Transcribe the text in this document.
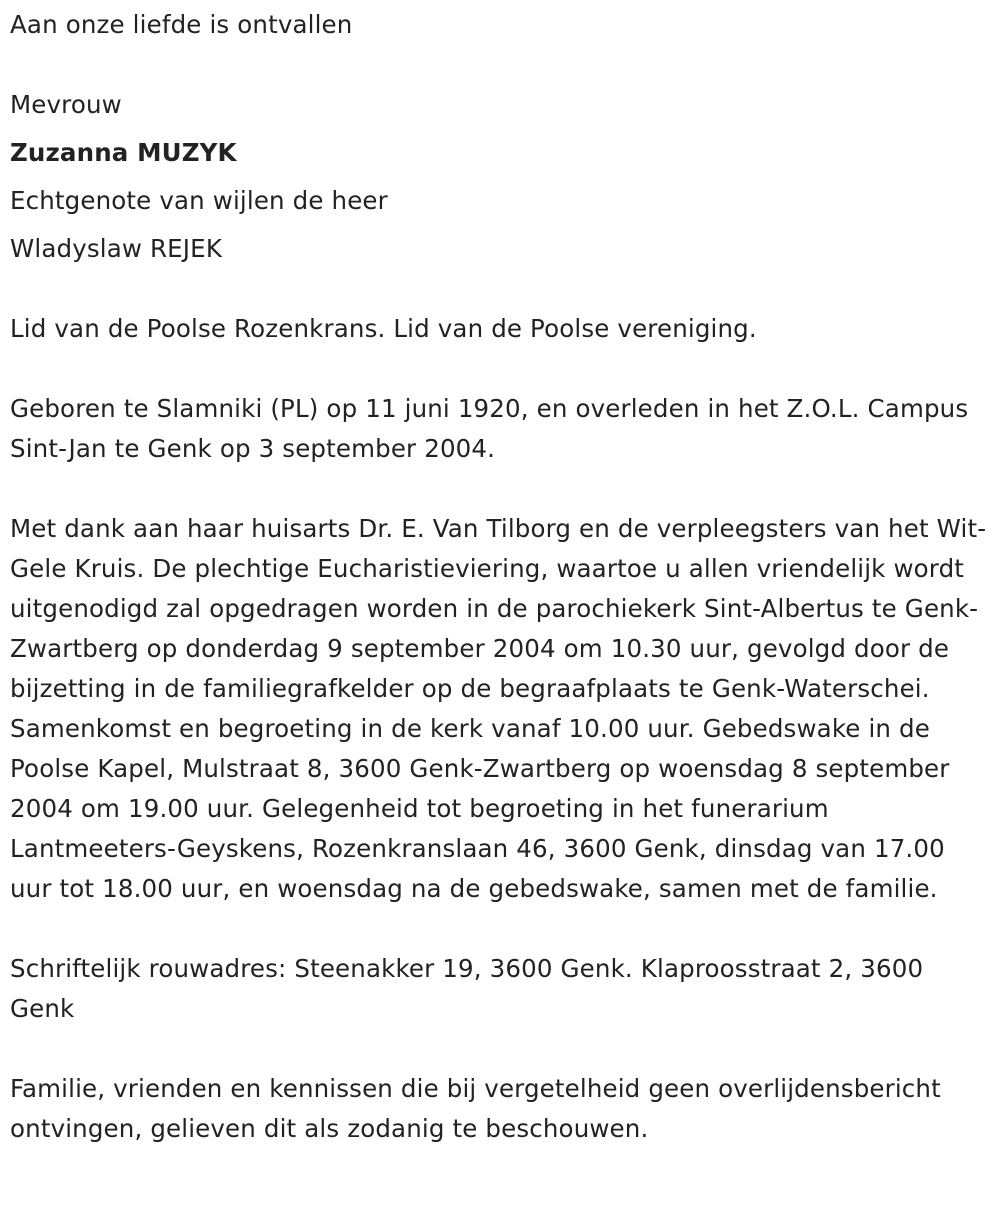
Aan onze liefde is ontvallen

Mevrouw

Zuzanna MUZYK

Echtgenote van wijlen de heer

Wladyslaw REJEK

Lid van de Poolse Rozenkrans. Lid van de Poolse vereniging.

Geboren te Slamniki (PL) op 11 juni 1920, en overleden in het Z.O.L. Campus Sint-Jan te Genk op 3 september 2004.

Met dank aan haar huisarts Dr. E. Van Tilborg en de verpleegsters van het Wit-Gele Kruis. De plechtige Eucharistieviering, waartoe u allen vriendelijk wordt uitgenodigd zal opgedragen worden in de parochiekerk Sint-Albertus te Genk-Zwartberg op donderdag 9 september 2004 om 10.30 uur, gevolgd door de bijzetting in de familiegrafkelder op de begraafplaats te Genk-Waterschei. Samenkomst en begroeting in de kerk vanaf 10.00 uur. Gebedswake in de Poolse Kapel, Mulstraat 8, 3600 Genk-Zwartberg op woensdag 8 september 2004 om 19.00 uur. Gelegenheid tot begroeting in het funerarium Lantmeeters-Geyskens, Rozenkranslaan 46, 3600 Genk, dinsdag van 17.00 uur tot 18.00 uur, en woensdag na de gebedswake, samen met de familie.

Schriftelijk rouwadres: Steenakker 19, 3600 Genk. Klaproosstraat 2, 3600 Genk

Familie, vrienden en kennissen die bij vergetelheid geen overlijdensbericht ontvingen, gelieven dit als zodanig te beschouwen.
